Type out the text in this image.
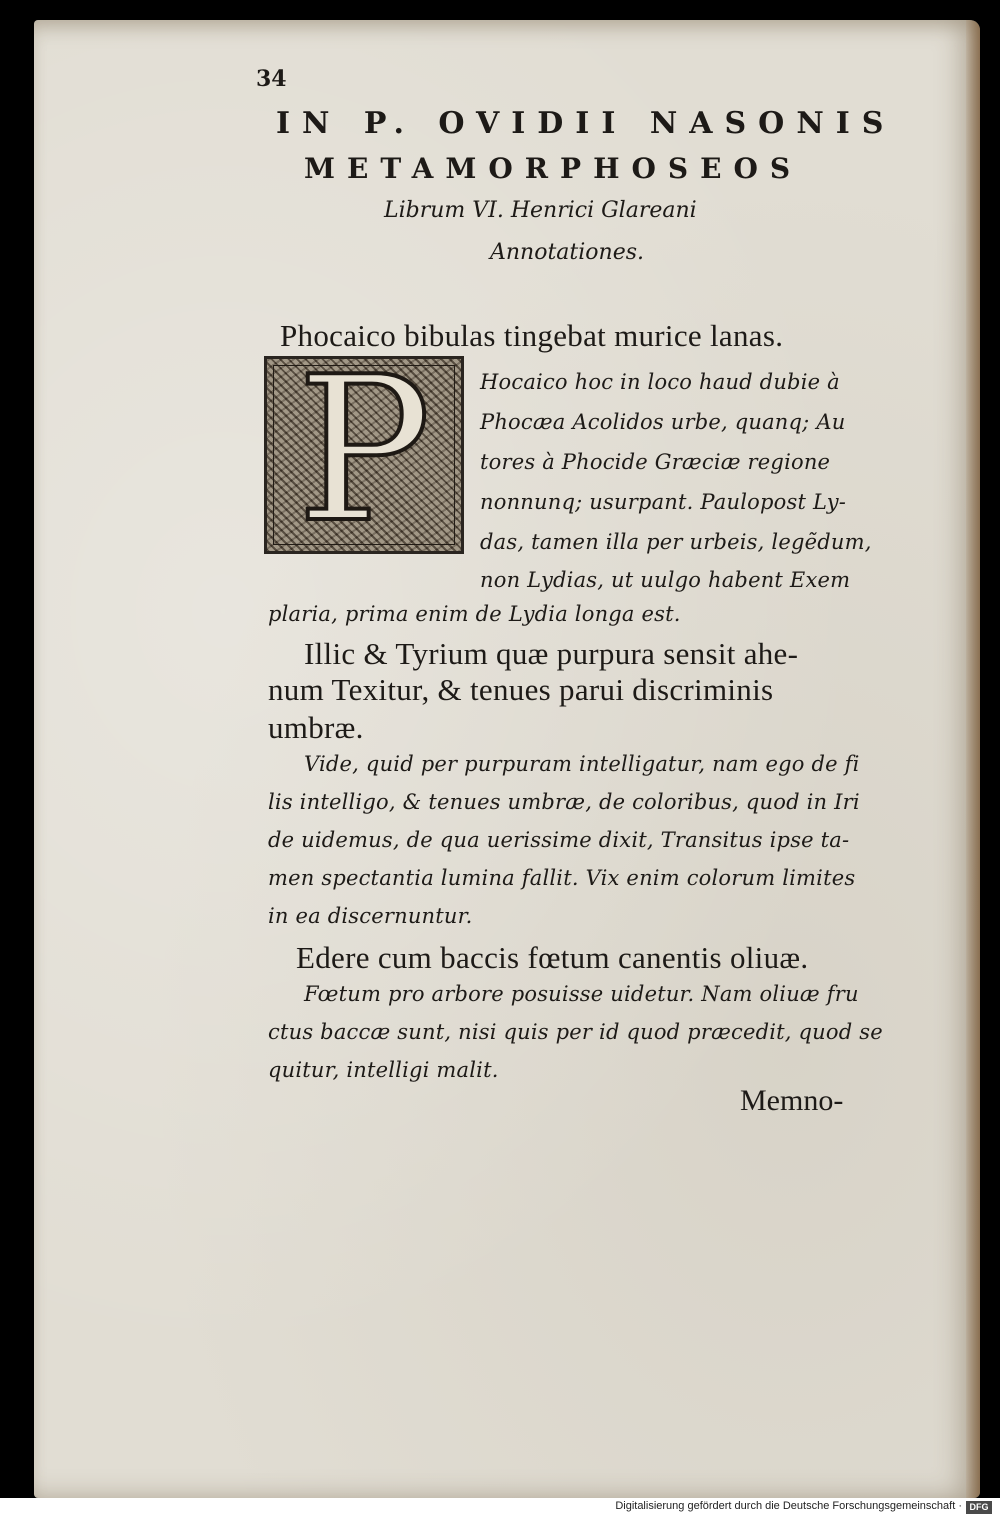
34
IN P. OVIDII NASONIS
METAMORPHOSEOS
Librum VI. Henrici Glareani
Annotationes.
Phocaico bibulas tingebat murice lanas.
P	Hocaico hoc in loco haud dubie à
Phocæa Acolidos urbe, quanq; Au
tores à Phocide Græciæ regione
nonnunq; usurpant. Paulopost Ly-
das, tamen illa per urbeis, legẽdum,
non Lydias, ut uulgo habent Exem
plaria, prima enim de Lydia longa est.
Illic & Tyrium quæ purpura sensit ahe-
num Texitur, & tenues parui discriminis
umbræ.
Vide, quid per purpuram intelligatur, nam ego de fi
lis intelligo, & tenues umbræ, de coloribus, quod in Iri
de uidemus, de qua uerissime dixit, Transitus ipse ta-
men spectantia lumina fallit. Vix enim colorum limites
in ea discernuntur.
Edere cum baccis fœtum canentis oliuæ.
Fœtum pro arbore posuisse uidetur. Nam oliuæ fru
ctus baccæ sunt, nisi quis per id quod præcedit, quod se
quitur, intelligi malit.
Memno-
Digitalisierung gefördert durch die Deutsche Forschungsgemeinschaft · DFG
